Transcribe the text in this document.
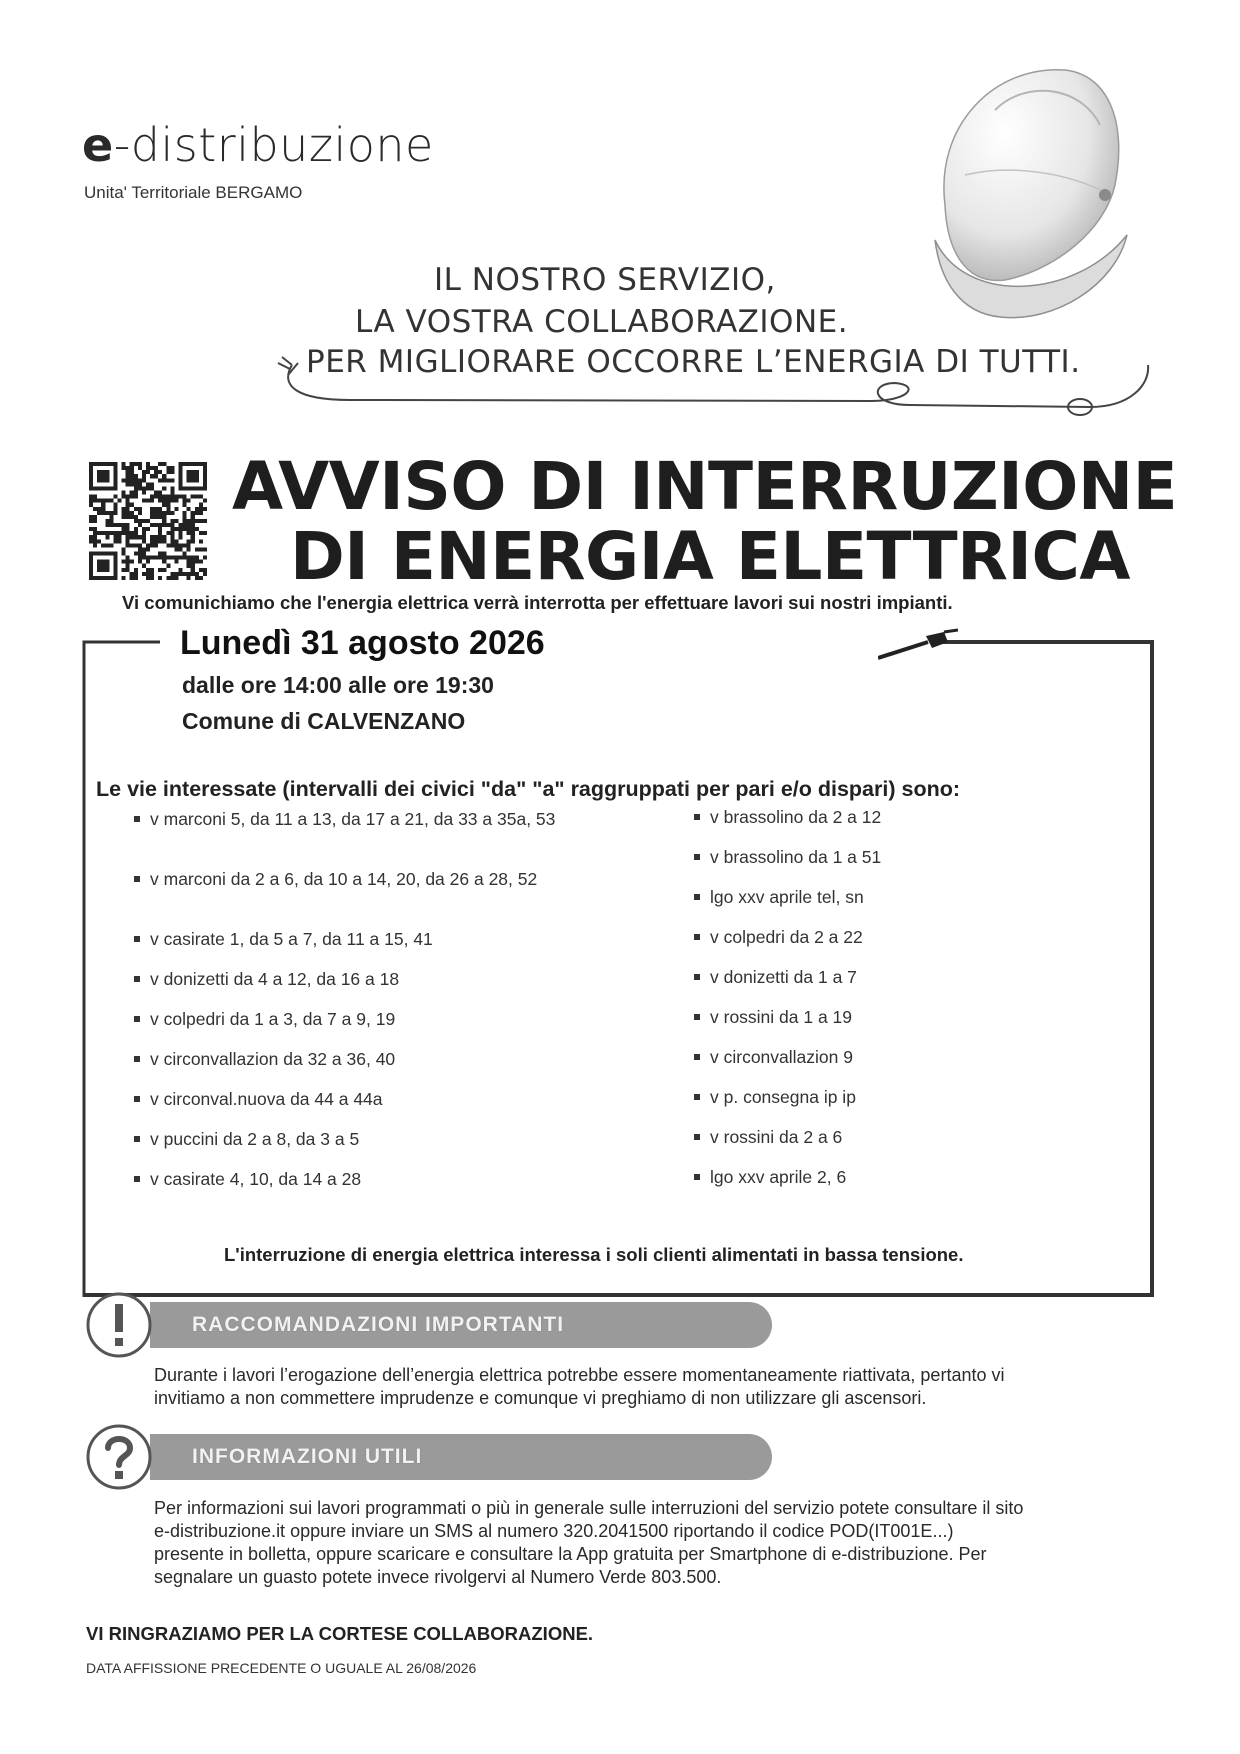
e-distribuzione
Unita' Territoriale BERGAMO
IL NOSTRO SERVIZIO,
LA VOSTRA COLLABORAZIONE.
PER MIGLIORARE OCCORRE L’ENERGIA DI TUTTI.
AVVISO DI INTERRUZIONE
DI ENERGIA ELETTRICA
Vi comunichiamo che l'energia elettrica verrà interrotta per effettuare lavori sui nostri impianti.
Lunedì 31 agosto 2026
dalle ore 14:00 alle ore 19:30
Comune di CALVENZANO
Le vie interessate (intervalli dei civici "da" "a" raggruppati per pari e/o dispari) sono:
v marconi 5, da 11 a 13, da 17 a 21, da 33 a 35a, 53
v marconi da 2 a 6, da 10 a 14, 20, da 26 a 28, 52
v casirate 1, da 5 a 7, da 11 a 15, 41
v donizetti da 4 a 12, da 16 a 18
v colpedri da 1 a 3, da 7 a 9, 19
v circonvallazion da 32 a 36, 40
v circonval.nuova da 44 a 44a
v puccini da 2 a 8, da 3 a 5
v casirate 4, 10, da 14 a 28
v brassolino da 2 a 12
v brassolino da 1 a 51
lgo xxv aprile tel, sn
v colpedri da 2 a 22
v donizetti da 1 a 7
v rossini da 1 a 19
v circonvallazion 9
v p. consegna ip ip
v rossini da 2 a 6
lgo xxv aprile 2, 6
L'interruzione di energia elettrica interessa i soli clienti alimentati in bassa tensione.
RACCOMANDAZIONI IMPORTANTI
Durante i lavori l’erogazione dell’energia elettrica potrebbe essere momentaneamente riattivata, pertanto vi
invitiamo a non commettere imprudenze e comunque vi preghiamo di non utilizzare gli ascensori.
INFORMAZIONI UTILI
Per informazioni sui lavori programmati o più in generale sulle interruzioni del servizio potete consultare il sito
e-distribuzione.it oppure inviare un SMS al numero 320.2041500 riportando il codice POD(IT001E...)
presente in bolletta, oppure scaricare e consultare la App gratuita per Smartphone di e-distribuzione. Per
segnalare un guasto potete invece rivolgervi al Numero Verde 803.500.
VI RINGRAZIAMO PER LA CORTESE COLLABORAZIONE.
DATA AFFISSIONE PRECEDENTE O UGUALE AL 26/08/2026
